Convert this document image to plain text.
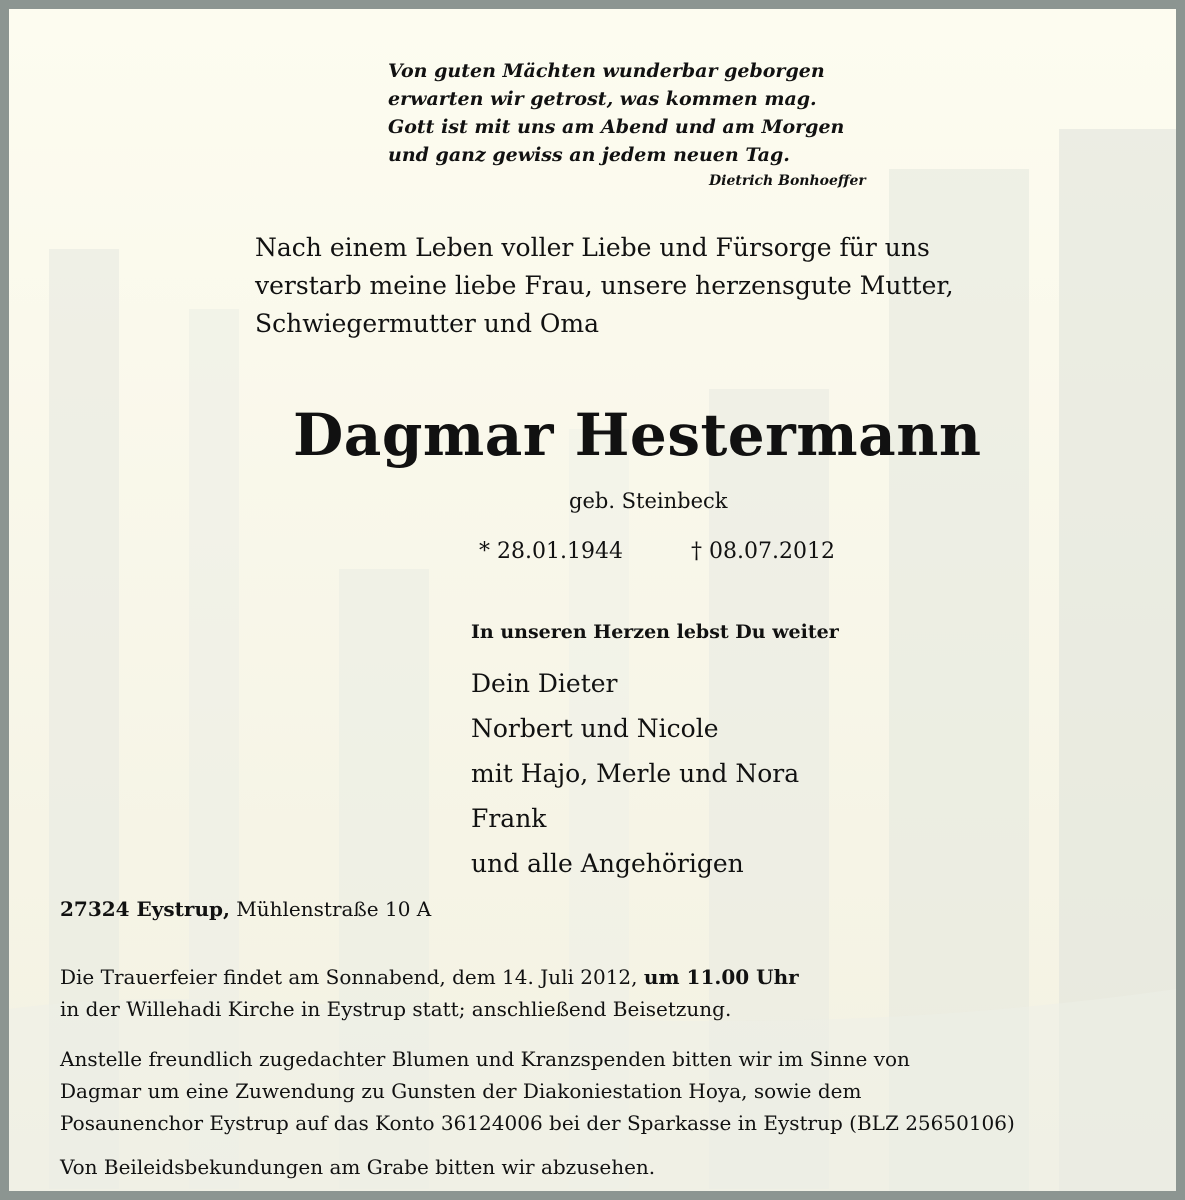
Von guten Mächten wunderbar geborgen
erwarten wir getrost, was kommen mag.
Gott ist mit uns am Abend und am Morgen
und ganz gewiss an jedem neuen Tag.
Dietrich Bonhoeffer
Nach einem Leben voller Liebe und Fürsorge für uns
verstarb meine liebe Frau, unsere herzensgute Mutter,
Schwiegermutter und Oma
Dagmar Hestermann
geb. Steinbeck
* 28.01.1944	† 08.07.2012
In unseren Herzen lebst Du weiter
Dein Dieter
Norbert und Nicole
mit Hajo, Merle und Nora
Frank
und alle Angehörigen
27324 Eystrup, Mühlenstraße 10 A
Die Trauerfeier findet am Sonnabend, dem 14. Juli 2012, um 11.00 Uhr
in der Willehadi Kirche in Eystrup statt; anschließend Beisetzung.
Anstelle freundlich zugedachter Blumen und Kranzspenden bitten wir im Sinne von
Dagmar um eine Zuwendung zu Gunsten der Diakoniestation Hoya, sowie dem
Posaunenchor Eystrup auf das Konto 36124006 bei der Sparkasse in Eystrup (BLZ 25650106)
Von Beileidsbekundungen am Grabe bitten wir abzusehen.
